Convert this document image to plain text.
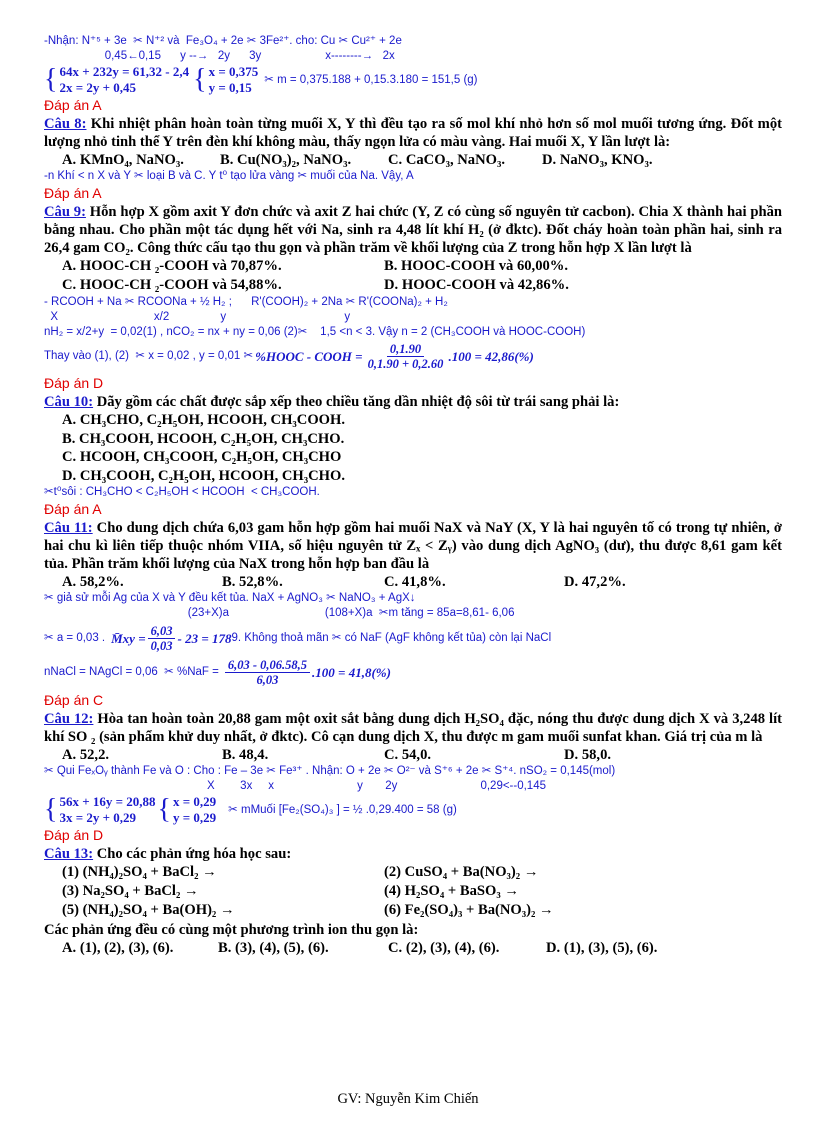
-Nhận: N⁺⁵ + 3e  ✂ N⁺² và  Fe₃O₄ + 2e ✂ 3Fe²⁺. cho: Cu ✂ Cu²⁺ + 2e
0,45←0,15      y --→   2y      3y                    x--------→   2x
{ 64x + 232y = 61,32 - 2,4
2x = 2y + 0,45	{ x = 0,375
y = 0,15
✂ m = 0,375.188 + 0,15.3.180 = 151,5 (g)
Đáp án A
Câu 8: Khi nhiệt phân hoàn toàn từng muối X, Y thì đều tạo ra số mol khí nhỏ hơn số mol muối tương ứng. Đốt một lượng nhỏ tinh thể Y trên đèn khí không màu, thấy ngọn lửa có màu vàng. Hai muối X, Y lần lượt là:
A. KMnO₄, NaNO₃.	B. Cu(NO₃)₂, NaNO₃.	C. CaCO₃, NaNO₃.	D. NaNO₃, KNO₃.
-n Khí < n X và Y ✂ loại B và C. Y t⁰ tạo lửa vàng ✂ muối của Na. Vậy, A
Đáp án A
Câu 9: Hỗn hợp X gồm axit Y đơn chức và axit Z hai chức (Y, Z có cùng số nguyên tử cacbon). Chia X thành hai phần bằng nhau. Cho phần một tác dụng hết với Na, sinh ra 4,48 lít khí H₂ (ở đktc). Đốt cháy hoàn toàn phần hai, sinh ra 26,4 gam CO₂. Công thức cấu tạo thu gọn và phần trăm về khối lượng của Z trong hỗn hợp X lần lượt là
A. HOOC-CH ₂-COOH và 70,87%.	B. HOOC-COOH và 60,00%.
C. HOOC-CH ₂-COOH và 54,88%.	D. HOOC-COOH và 42,86%.
- RCOOH + Na ✂ RCOONa + ½ H₂ ;      R'(COOH)₂ + 2Na ✂ R'(COONa)₂ + H₂
X                              x/2                y                                     y
nH₂ = x/2+y  = 0,02(1) , nCO₂ = nx + ny = 0,06 (2)✂    1,5 <n < 3. Vậy n = 2 (CH₃COOH và HOOC-COOH)
Thay vào (1), (2)  ✂ x = 0,02 , y = 0,01 ✂ %HOOC - COOH = $\frac{0,1.90}{0,1.90 + 0,2.60} .100 = 42,86(\%)$
Đáp án D
Câu 10: Dãy gồm các chất được sắp xếp theo chiều tăng dần nhiệt độ sôi từ trái sang phải là:
A. CH₃CHO, C₂H₅OH, HCOOH, CH₃COOH.
B. CH₃COOH, HCOOH, C₂H₅OH, CH₃CHO.
C. HCOOH, CH₃COOH, C₂H₅OH, CH₃CHO
D. CH₃COOH, C₂H₅OH, HCOOH, CH₃CHO.
✂t⁰sôi : CH₃CHO < C₂H₅OH < HCOOH  < CH₃COOH.
Đáp án A
Câu 11: Cho dung dịch chứa 6,03 gam hỗn hợp gồm hai muối NaX và NaY (X, Y là hai nguyên tố có trong tự nhiên, ở hai chu kì liên tiếp thuộc nhóm VIIA, số hiệu nguyên tử Zₓ < Zᵧ) vào dung dịch AgNO₃ (dư), thu được 8,61 gam kết tủa. Phần trăm khối lượng của NaX trong hỗn hợp ban đầu là
A. 58,2%.	B. 52,8%.	C. 41,8%.	D. 47,2%.
✂ giả sử mỗi Ag của X và Y đều kết tủa. NaX + AgNO₃ ✂ NaNO₃ + AgX↓
(23+X)a                              (108+X)a  ✂m tăng = 85a=8,61- 6,06
✂ a = 0,03 . M̄xy = $\frac{6,03}{0,03} - 23 = 178$ 9. Không thoả mãn ✂ có NaF (AgF không kết tủa) còn lại NaCl
nNaCl = NAgCl = 0,06  ✂ $\%NaF = \frac{6,03 - 0,06.58,5}{6,03} .100 = 41,8(\%)$
Đáp án C
Câu 12: Hòa tan hoàn toàn 20,88 gam một oxit sắt bằng dung dịch H₂SO₄ đặc, nóng thu được dung dịch X và 3,248 lít khí SO ₂ (sản phẩm khử duy nhất, ở đktc). Cô cạn dung dịch X, thu được m gam muối sunfat khan. Giá trị của m là
A. 52,2.	B. 48,4.	C. 54,0.	D. 58,0.
✂ Qui FeₓOᵧ thành Fe và O : Cho : Fe – 3e ✂ Fe³⁺ . Nhận: O + 2e ✂ O²⁻ và S⁺⁶ + 2e ✂ S⁺⁴. nSO₂ = 0,145(mol)
X        3x     x                          y       2y                          0,29<--0,145
{ 56x + 16y = 20,88
3x = 2y + 0,29 { x = 0,29
y = 0,29
✂ mMuối [Fe₂(SO₄)₃ ] = ½ .0,29.400 = 58 (g)
Đáp án D
Câu 13: Cho các phản ứng hóa học sau:
(1) (NH₄)₂SO₄ + BaCl₂ →	(2) CuSO₄ + Ba(NO₃)₂ →
(3) Na₂SO₄ + BaCl₂ →	(4) H₂SO₄ + BaSO₃ →
(5) (NH₄)₂SO₄ + Ba(OH)₂ →	(6) Fe₂(SO₄)₃ + Ba(NO₃)₂ →
Các phản ứng đều có cùng một phương trình ion thu gọn là:
A. (1), (2), (3), (6).	B. (3), (4), (5), (6).	C. (2), (3), (4), (6).	D. (1), (3), (5), (6).
GV: Nguyễn Kim Chiến
